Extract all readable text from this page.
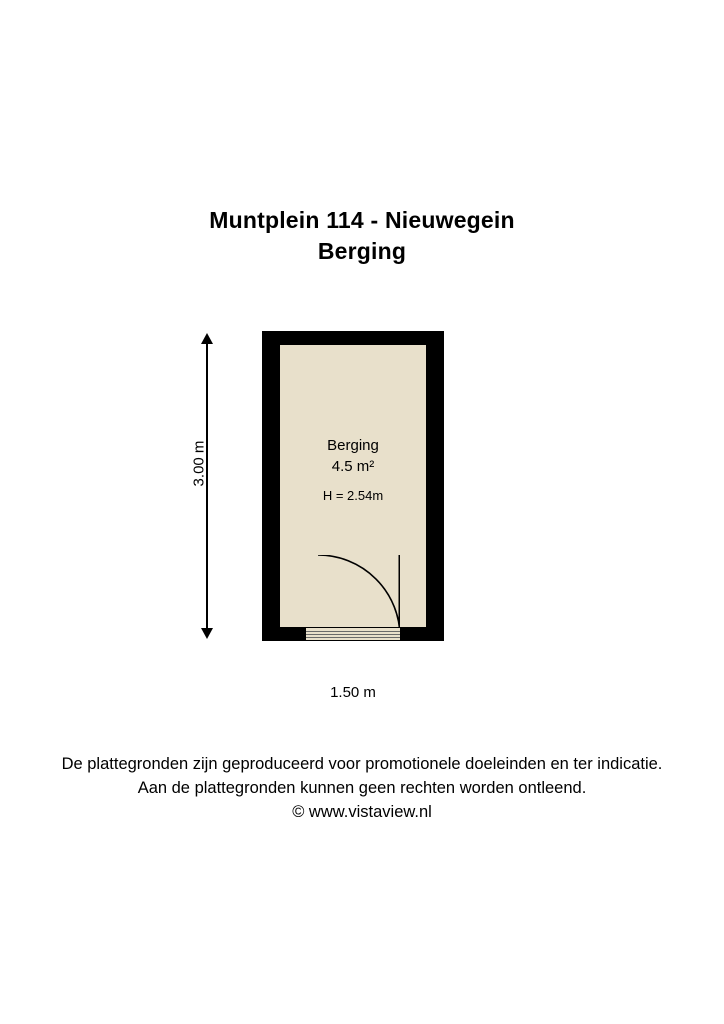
Muntplein 114 - Nieuwegein
Berging
Berging
4.5 m²
H = 2.54m
3.00 m
1.50 m
De plattegronden zijn geproduceerd voor promotionele doeleinden en ter indicatie.
Aan de plattegronden kunnen geen rechten worden ontleend.
© www.vistaview.nl
